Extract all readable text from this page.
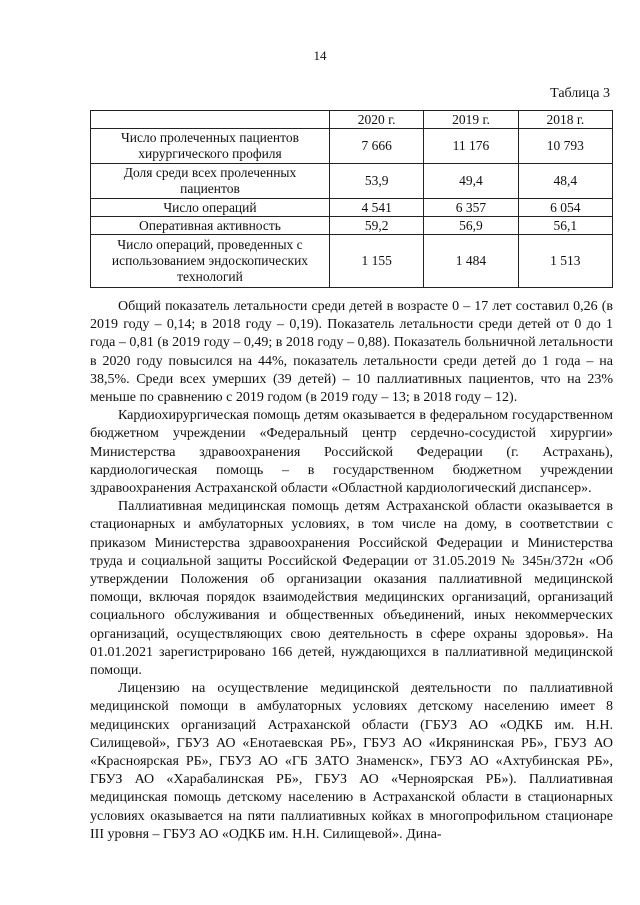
14
Таблица 3
	2020 г.	2019 г.	2018 г.
Число пролеченных пациентов хирургического профиля	7 666	11 176	10 793
Доля среди всех пролеченных пациентов	53,9	49,4	48,4
Число операций	4 541	6 357	6 054
Оперативная активность	59,2	56,9	56,1
Число операций, проведенных с использованием эндоскопических технологий	1 155	1 484	1 513

Общий показатель летальности среди детей в возрасте 0 – 17 лет составил 0,26 (в 2019 году – 0,14; в 2018 году – 0,19). Показатель летальности среди детей от 0 до 1 года – 0,81 (в 2019 году – 0,49; в 2018 году – 0,88). Показатель больничной летальности в 2020 году повысился на 44%, показатель летальности среди детей до 1 года – на 38,5%. Среди всех умерших (39 детей) – 10 паллиативных пациентов, что на 23% меньше по сравнению с 2019 годом (в 2019 году – 13; в 2018 году – 12).

Кардиохирургическая помощь детям оказывается в федеральном государственном бюджетном учреждении «Федеральный центр сердечно-сосудистой хирургии» Министерства здравоохранения Российской Федерации (г. Астрахань), кардиологическая помощь – в государственном бюджетном учреждении здравоохранения Астраханской области «Областной кардиологический диспансер».

Паллиативная медицинская помощь детям Астраханской области оказывается в стационарных и амбулаторных условиях, в том числе на дому, в соответствии с приказом Министерства здравоохранения Российской Федерации и Министерства труда и социальной защиты Российской Федерации от 31.05.2019 № 345н/372н «Об утверждении Положения об организации оказания паллиативной медицинской помощи, включая порядок взаимодействия медицинских организаций, организаций социального обслуживания и общественных объединений, иных некоммерческих организаций, осуществляющих свою деятельность в сфере охраны здоровья». На 01.01.2021 зарегистрировано 166 детей, нуждающихся в паллиативной медицинской помощи.

Лицензию на осуществление медицинской деятельности по паллиативной медицинской помощи в амбулаторных условиях детскому населению имеет 8 медицинских организаций Астраханской области (ГБУЗ АО «ОДКБ им. Н.Н. Силищевой», ГБУЗ АО «Енотаевская РБ», ГБУЗ АО «Икрянинская РБ», ГБУЗ АО «Красноярская РБ», ГБУЗ АО «ГБ ЗАТО Знаменск», ГБУЗ АО «Ахтубинская РБ», ГБУЗ АО «Харабалинская РБ», ГБУЗ АО «Черноярская РБ»). Паллиативная медицинская помощь детскому населению в Астраханской области в стационарных условиях оказывается на пяти паллиативных койках в многопрофильном стационаре III уровня – ГБУЗ АО «ОДКБ им. Н.Н. Силищевой». Дина-
